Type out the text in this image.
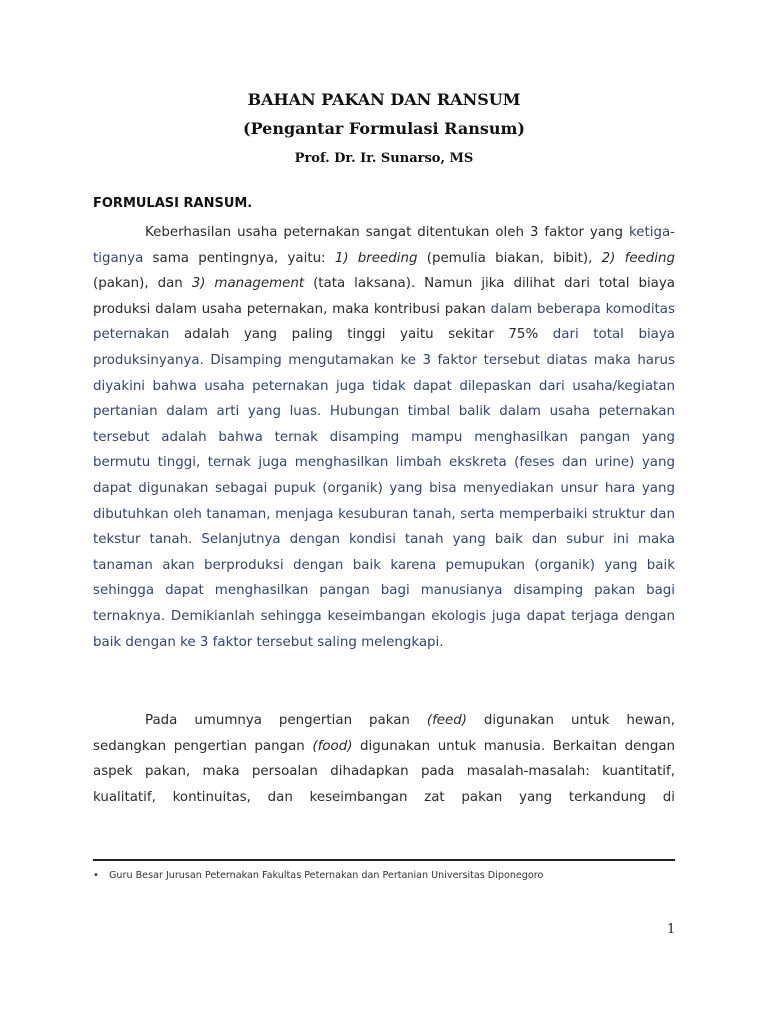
BAHAN PAKAN DAN RANSUM
(Pengantar Formulasi Ransum)
Prof. Dr. Ir. Sunarso, MS
FORMULASI RANSUM.

Keberhasilan usaha peternakan sangat ditentukan oleh 3 faktor yang ketiga-tiganya sama pentingnya, yaitu: 1) breeding (pemulia biakan, bibit), 2) feeding (pakan), dan 3) management (tata laksana). Namun jika dilihat dari total biaya produksi dalam usaha peternakan, maka kontribusi pakan dalam beberapa komoditas peternakan adalah yang paling tinggi yaitu sekitar 75% dari total biaya produksinyanya. Disamping mengutamakan ke 3 faktor tersebut diatas maka harus diyakini bahwa usaha peternakan juga tidak dapat dilepaskan dari usaha/kegiatan pertanian dalam arti yang luas. Hubungan timbal balik dalam usaha peternakan tersebut adalah bahwa ternak disamping mampu menghasilkan pangan yang bermutu tinggi, ternak juga menghasilkan limbah ekskreta (feses dan urine) yang dapat digunakan sebagai pupuk (organik) yang bisa menyediakan unsur hara yang dibutuhkan oleh tanaman, menjaga kesuburan tanah, serta memperbaiki struktur dan tekstur tanah. Selanjutnya dengan kondisi tanah yang baik dan subur ini maka tanaman akan berproduksi dengan baik karena pemupukan (organik) yang baik sehingga dapat menghasilkan pangan bagi manusianya disamping pakan bagi ternaknya. Demikianlah sehingga keseimbangan ekologis juga dapat terjaga dengan baik dengan ke 3 faktor tersebut saling melengkapi.

Pada umumnya pengertian pakan (feed) digunakan untuk hewan, sedangkan pengertian pangan (food) digunakan untuk manusia. Berkaitan dengan aspek pakan, maka persoalan dihadapkan pada masalah-masalah: kuantitatif, kualitatif, kontinuitas, dan keseimbangan zat pakan yang terkandung di

•	Guru Besar Jurusan Peternakan Fakultas Peternakan dan Pertanian Universitas Diponegoro
1
